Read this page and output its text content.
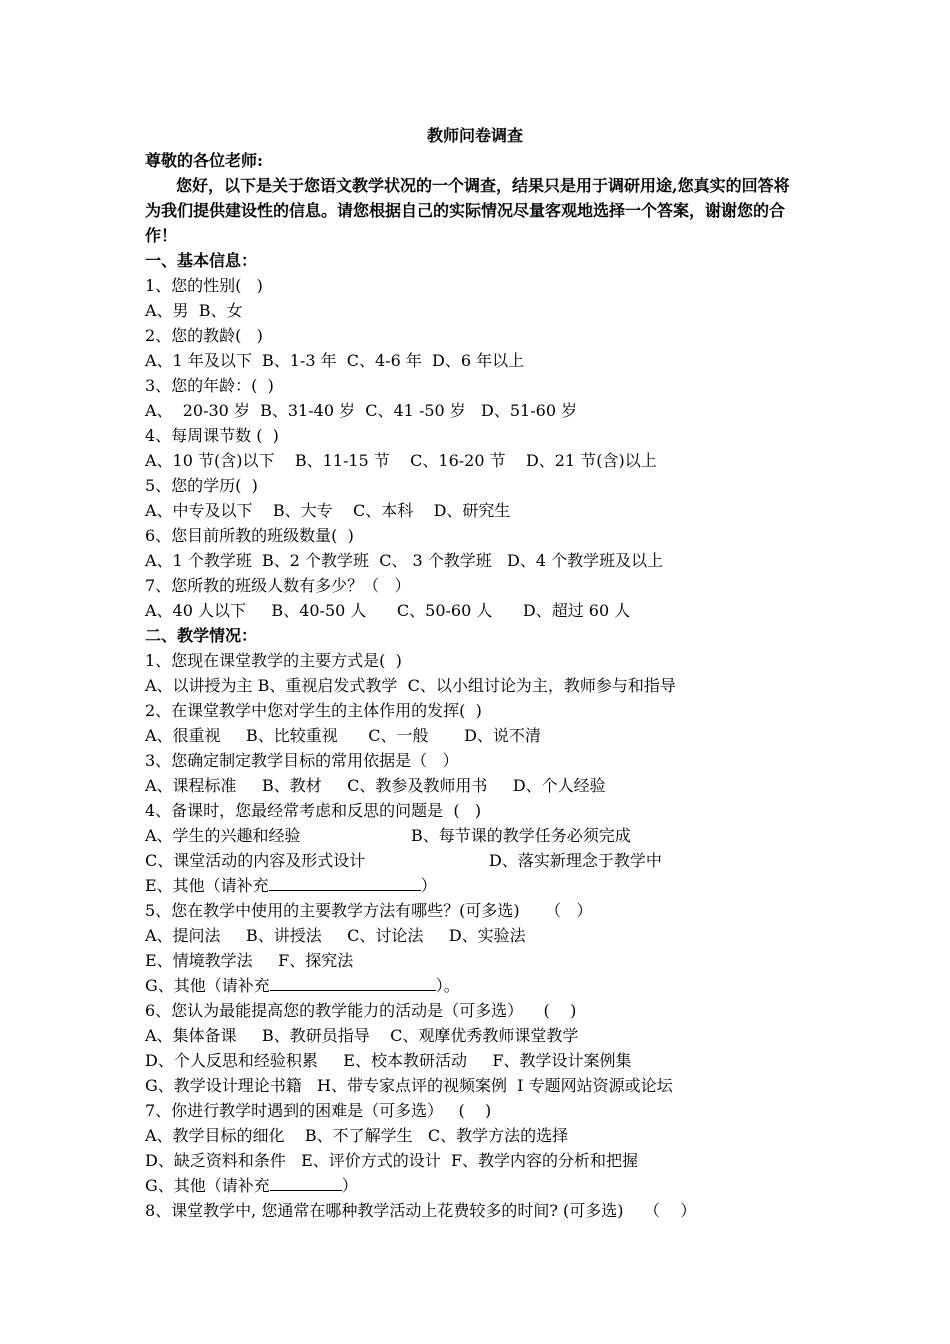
教师问卷调查
尊敬的各位老师:
您好，以下是关于您语文教学状况的一个调查，结果只是用于调研用途,您真实的回答将
为我们提供建设性的信息。请您根据自己的实际情况尽量客观地选择一个答案，谢谢您的合
作！
一、基本信息：
1、您的性别(   )
A、男  B、女
2、您的教龄(   )
A、1 年及以下  B、1-3 年  C、4-6 年  D、6 年以上
3、您的年龄：(  )
A、  20-30 岁  B、31-40 岁  C、41 -50 岁   D、51-60 岁
4、每周课节数 (  )
A、10 节(含)以下    B、11-15 节    C、16-20 节    D、21 节(含)以上
5、您的学历(  )
A、中专及以下    B、大专    C、本科    D、研究生
6、您目前所教的班级数量(  )
A、1 个教学班  B、2 个教学班  C、 3 个教学班   D、4 个教学班及以上
7、您所教的班级人数有多少？（   ）
A、40 人以下     B、40-50 人      C、50-60 人      D、超过 60 人
二、教学情况：
1、您现在课堂教学的主要方式是(  )
A、以讲授为主 B、重视启发式教学  C、以小组讨论为主，教师参与和指导
2、在课堂教学中您对学生的主体作用的发挥(  )
A、很重视     B、比较重视      C、一般       D、说不清
3、您确定制定教学目标的常用依据是（   ）
A、课程标准     B、教材     C、教参及教师用书     D、个人经验
4、备课时，您最经常考虑和反思的问题是  (   )
A、学生的兴趣和经验	B、每节课的教学任务必须完成
C、课堂活动的内容及形式设计	D、落实新理念于教学中
E、其他（请补充	）
5、您在教学中使用的主要教学方法有哪些？(可多选)     （   ）
A、提问法     B、讲授法     C、讨论法     D、实验法
E、情境教学法     F、探究法
G、其他（请补充	）。
6、您认为最能提高您的教学能力的活动是（可多选）    (    )
A、集体备课     B、教研员指导    C、观摩优秀教师课堂教学
D、个人反思和经验积累     E、校本教研活动     F、教学设计案例集
G、教学设计理论书籍   H、带专家点评的视频案例  I 专题网站资源或论坛
7、你进行教学时遇到的困难是（可多选）   (    )
A、教学目标的细化    B、不了解学生   C、教学方法的选择
D、缺乏资料和条件   E、评价方式的设计  F、教学内容的分析和把握
G、其他（请补充	）
8、课堂教学中, 您通常在哪种教学活动上花费较多的时间? (可多选)    （    ）
